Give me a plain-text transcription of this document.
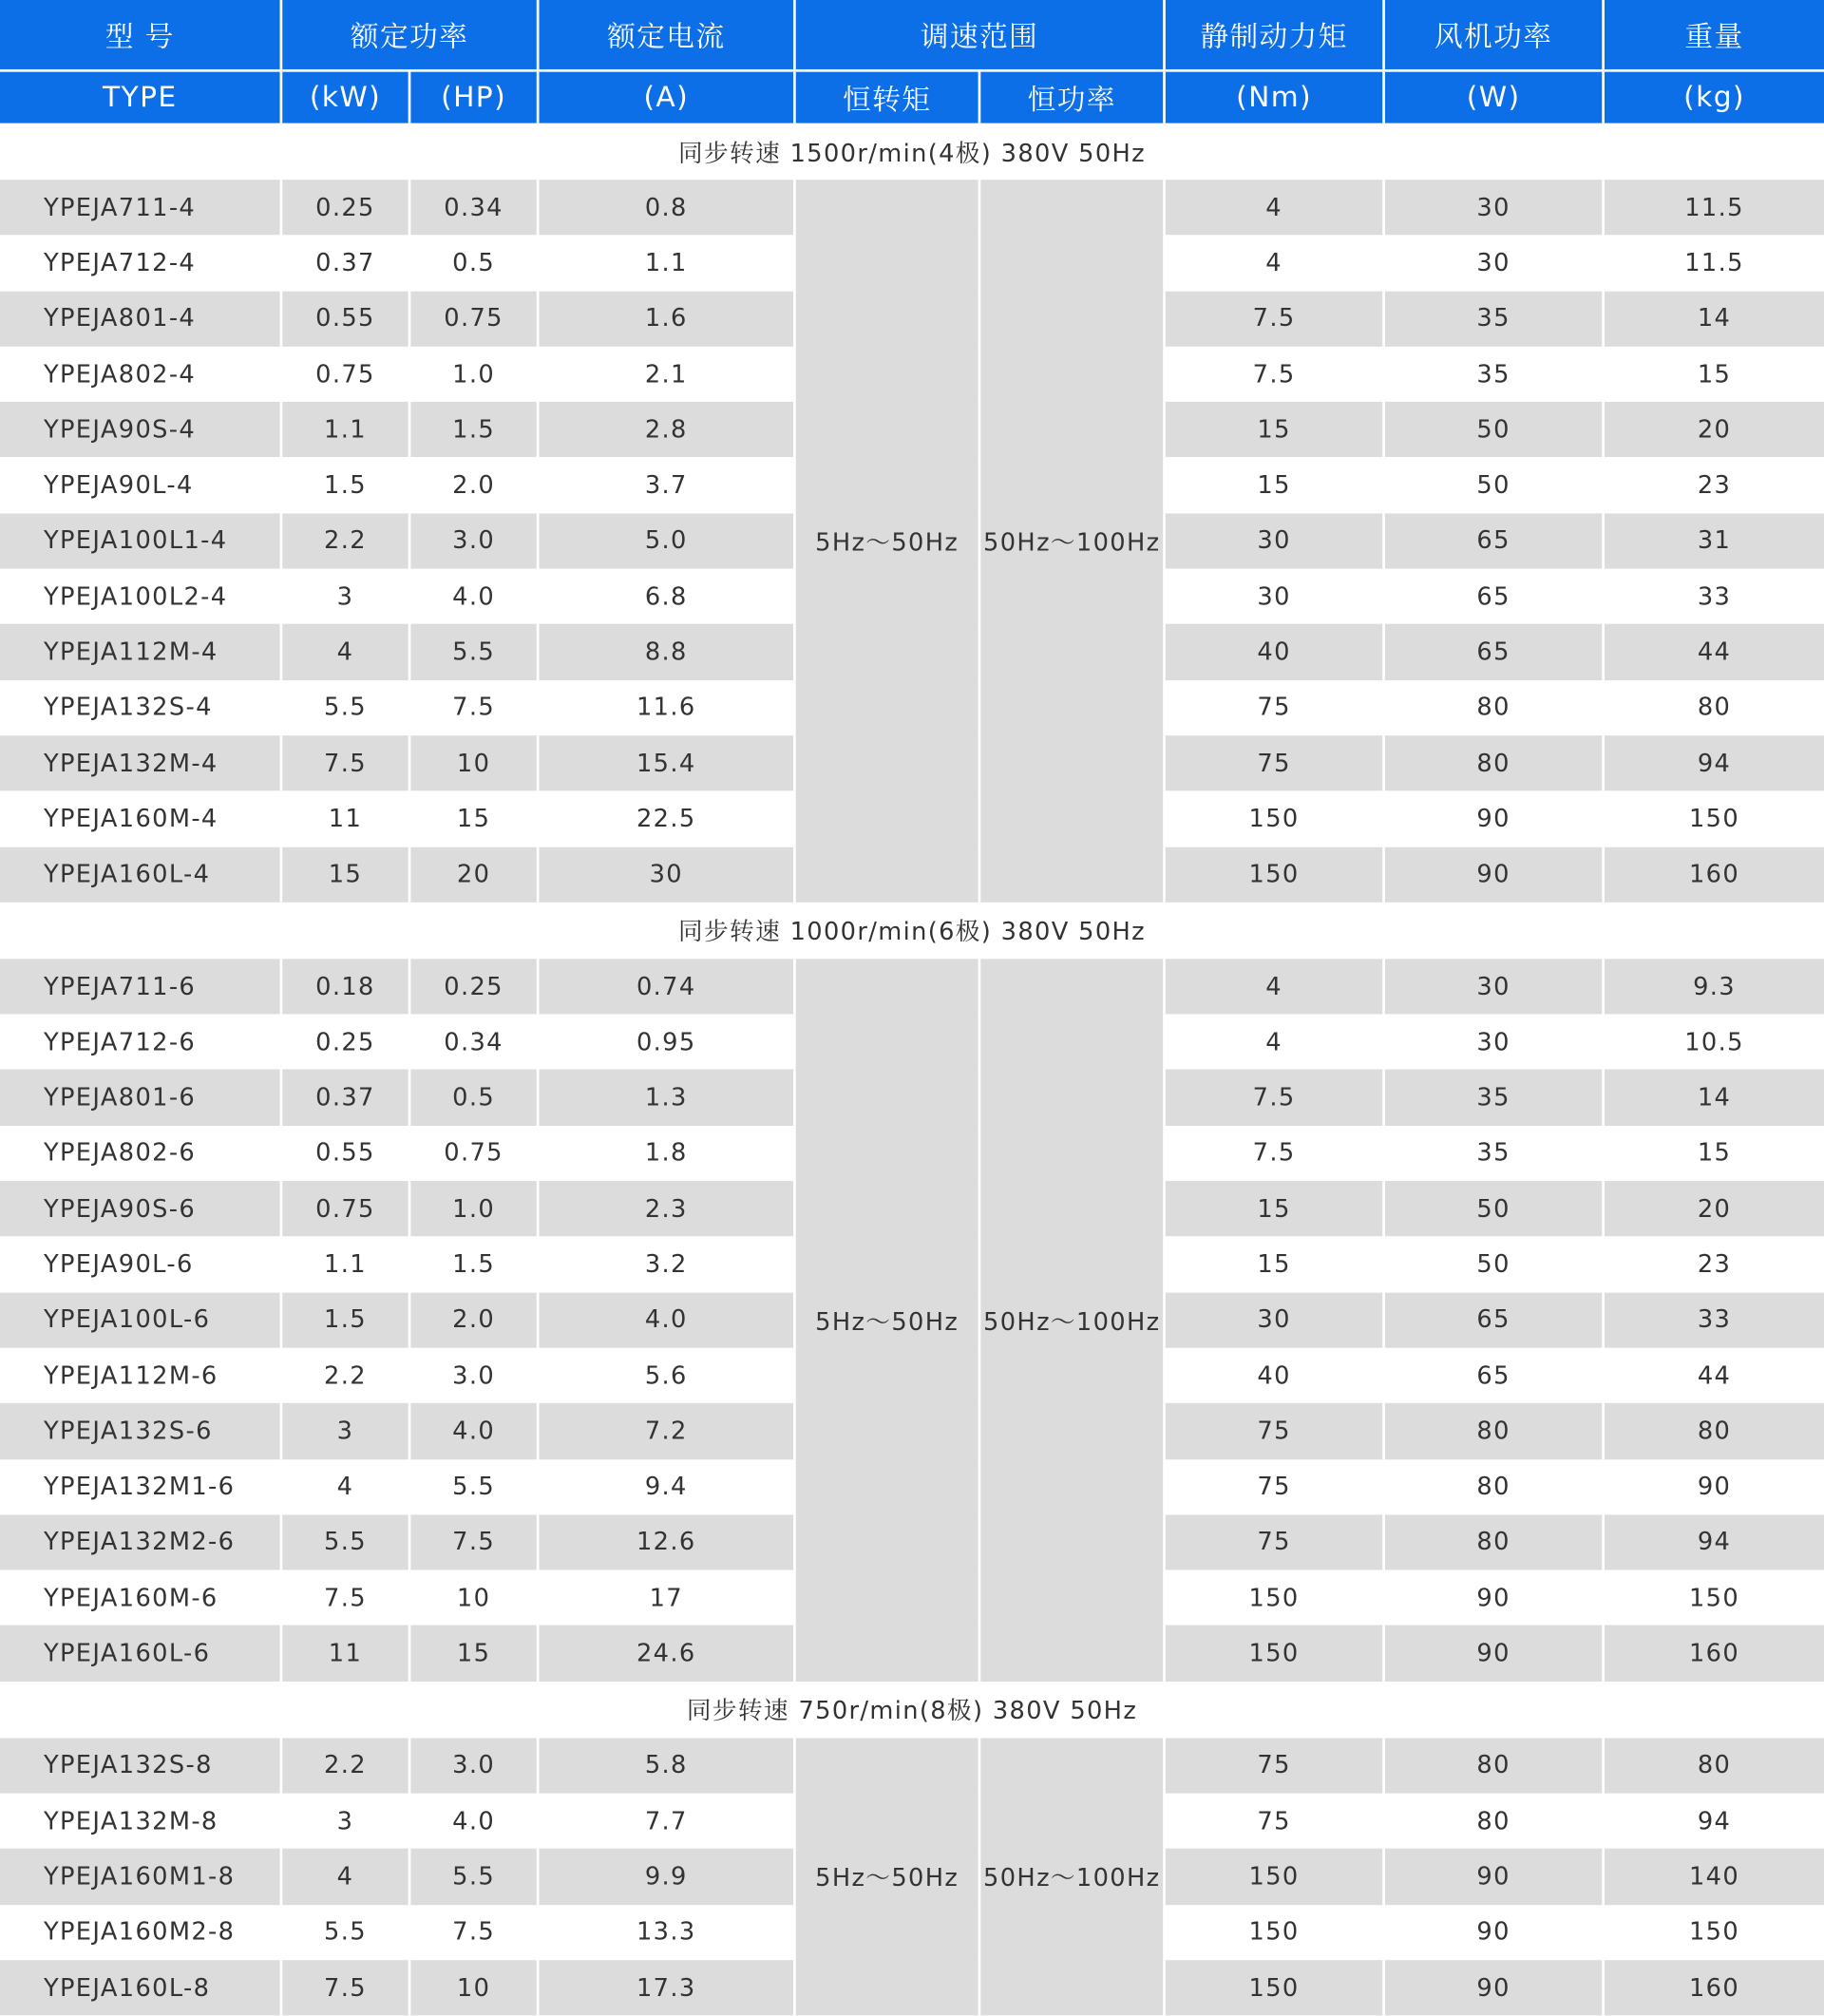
型 号	额定功率		额定电流	调速范围		静制动力矩	风机功率	重量
TYPE	(kW)	(HP)	(A)	恒转矩	恒功率	(Nm)	(W)	(kg)
同步转速 1500r/min(4极) 380V 50Hz								
YPEJA711-4	0.25	0.34	0.8	5Hz～50Hz	50Hz～100Hz	4	30	11.5
YPEJA712-4	0.37	0.5	1.1			4	30	11.5
YPEJA801-4	0.55	0.75	1.6			7.5	35	14
YPEJA802-4	0.75	1.0	2.1			7.5	35	15
YPEJA90S-4	1.1	1.5	2.8			15	50	20
YPEJA90L-4	1.5	2.0	3.7			15	50	23
YPEJA100L1-4	2.2	3.0	5.0			30	65	31
YPEJA100L2-4	3	4.0	6.8			30	65	33
YPEJA112M-4	4	5.5	8.8			40	65	44
YPEJA132S-4	5.5	7.5	11.6			75	80	80
YPEJA132M-4	7.5	10	15.4			75	80	94
YPEJA160M-4	11	15	22.5			150	90	150
YPEJA160L-4	15	20	30			150	90	160
同步转速 1000r/min(6极) 380V 50Hz								
YPEJA711-6	0.18	0.25	0.74	5Hz～50Hz	50Hz～100Hz	4	30	9.3
YPEJA712-6	0.25	0.34	0.95			4	30	10.5
YPEJA801-6	0.37	0.5	1.3			7.5	35	14
YPEJA802-6	0.55	0.75	1.8			7.5	35	15
YPEJA90S-6	0.75	1.0	2.3			15	50	20
YPEJA90L-6	1.1	1.5	3.2			15	50	23
YPEJA100L-6	1.5	2.0	4.0			30	65	33
YPEJA112M-6	2.2	3.0	5.6			40	65	44
YPEJA132S-6	3	4.0	7.2			75	80	80
YPEJA132M1-6	4	5.5	9.4			75	80	90
YPEJA132M2-6	5.5	7.5	12.6			75	80	94
YPEJA160M-6	7.5	10	17			150	90	150
YPEJA160L-6	11	15	24.6			150	90	160
同步转速 750r/min(8极) 380V 50Hz								
YPEJA132S-8	2.2	3.0	5.8	5Hz～50Hz	50Hz～100Hz	75	80	80
YPEJA132M-8	3	4.0	7.7			75	80	94
YPEJA160M1-8	4	5.5	9.9			150	90	140
YPEJA160M2-8	5.5	7.5	13.3			150	90	150
YPEJA160L-8	7.5	10	17.3			150	90	160
